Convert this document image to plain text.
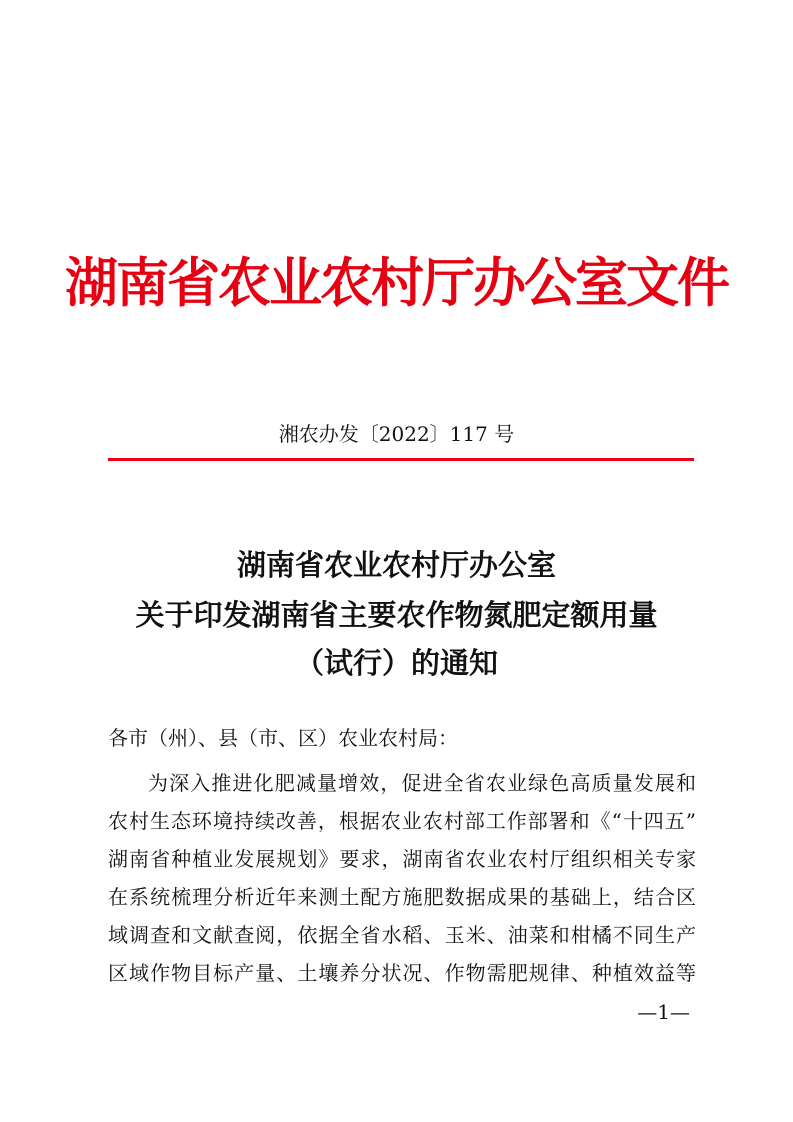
湖南省农业农村厅办公室文件
湘农办发〔2022〕117 号
湖南省农业农村厅办公室
关于印发湖南省主要农作物氮肥定额用量
（试行）的通知
各市（州）、县（市、区）农业农村局：
为深入推进化肥减量增效，促进全省农业绿色高质量发展和
农村生态环境持续改善，根据农业农村部工作部署和《“十四五”
湖南省种植业发展规划》要求，湖南省农业农村厅组织相关专家
在系统梳理分析近年来测土配方施肥数据成果的基础上，结合区
域调查和文献查阅，依据全省水稻、玉米、油菜和柑橘不同生产
区域作物目标产量、土壤养分状况、作物需肥规律、种植效益等
—1—
